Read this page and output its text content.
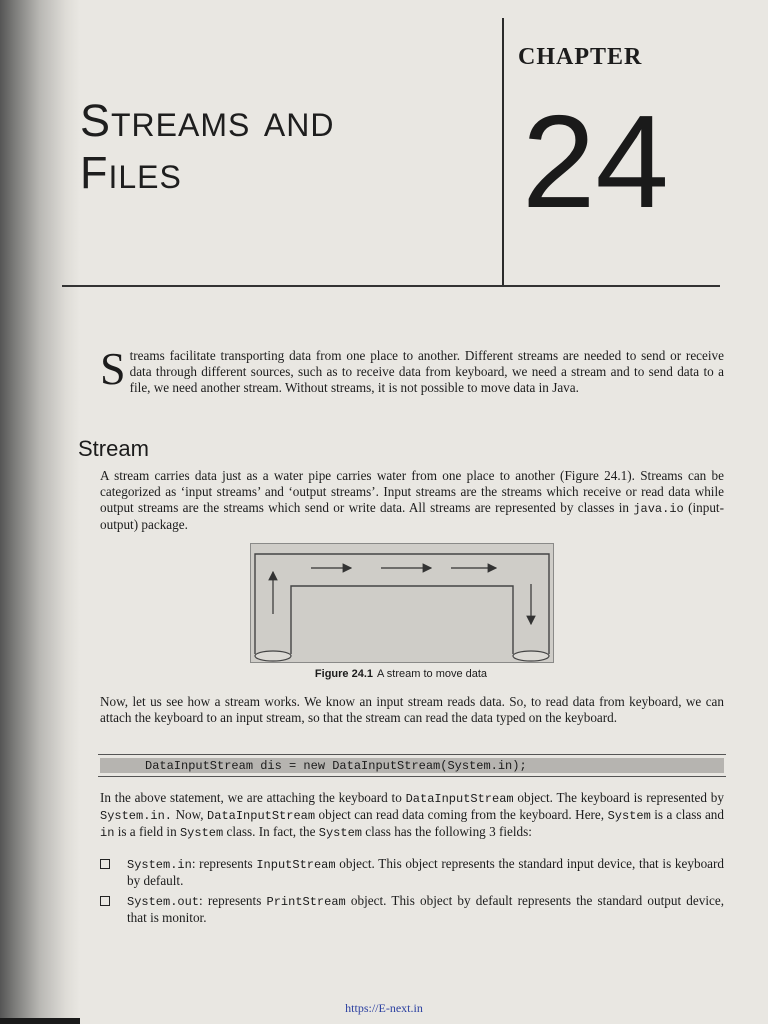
Streams and
Files
CHAPTER
24

Streams facilitate transporting data from one place to another. Different streams are needed to send or receive data through different sources, such as to receive data from keyboard, we need a stream and to send data to a file, we need another stream. Without streams, it is not possible to move data in Java.

Stream

A stream carries data just as a water pipe carries water from one place to another (Figure 24.1). Streams can be categorized as ‘input streams’ and ‘output streams’. Input streams are the streams which receive or read data while output streams are the streams which send or write data. All streams are represented by classes in java.io (input-output) package.

Figure 24.1 A stream to move data

Now, let us see how a stream works. We know an input stream reads data. So, to read data from keyboard, we can attach the keyboard to an input stream, so that the stream can read the data typed on the keyboard.

DataInputStream dis = new DataInputStream(System.in);

In the above statement, we are attaching the keyboard to DataInputStream object. The keyboard is represented by System.in. Now, DataInputStream object can read data coming from the keyboard. Here, System is a class and in is a field in System class. In fact, the System class has the following 3 fields:

System.in: represents InputStream object. This object represents the standard input device, that is keyboard by default.
System.out: represents PrintStream object. This object by default represents the standard output device, that is monitor.
https://E-next.in
